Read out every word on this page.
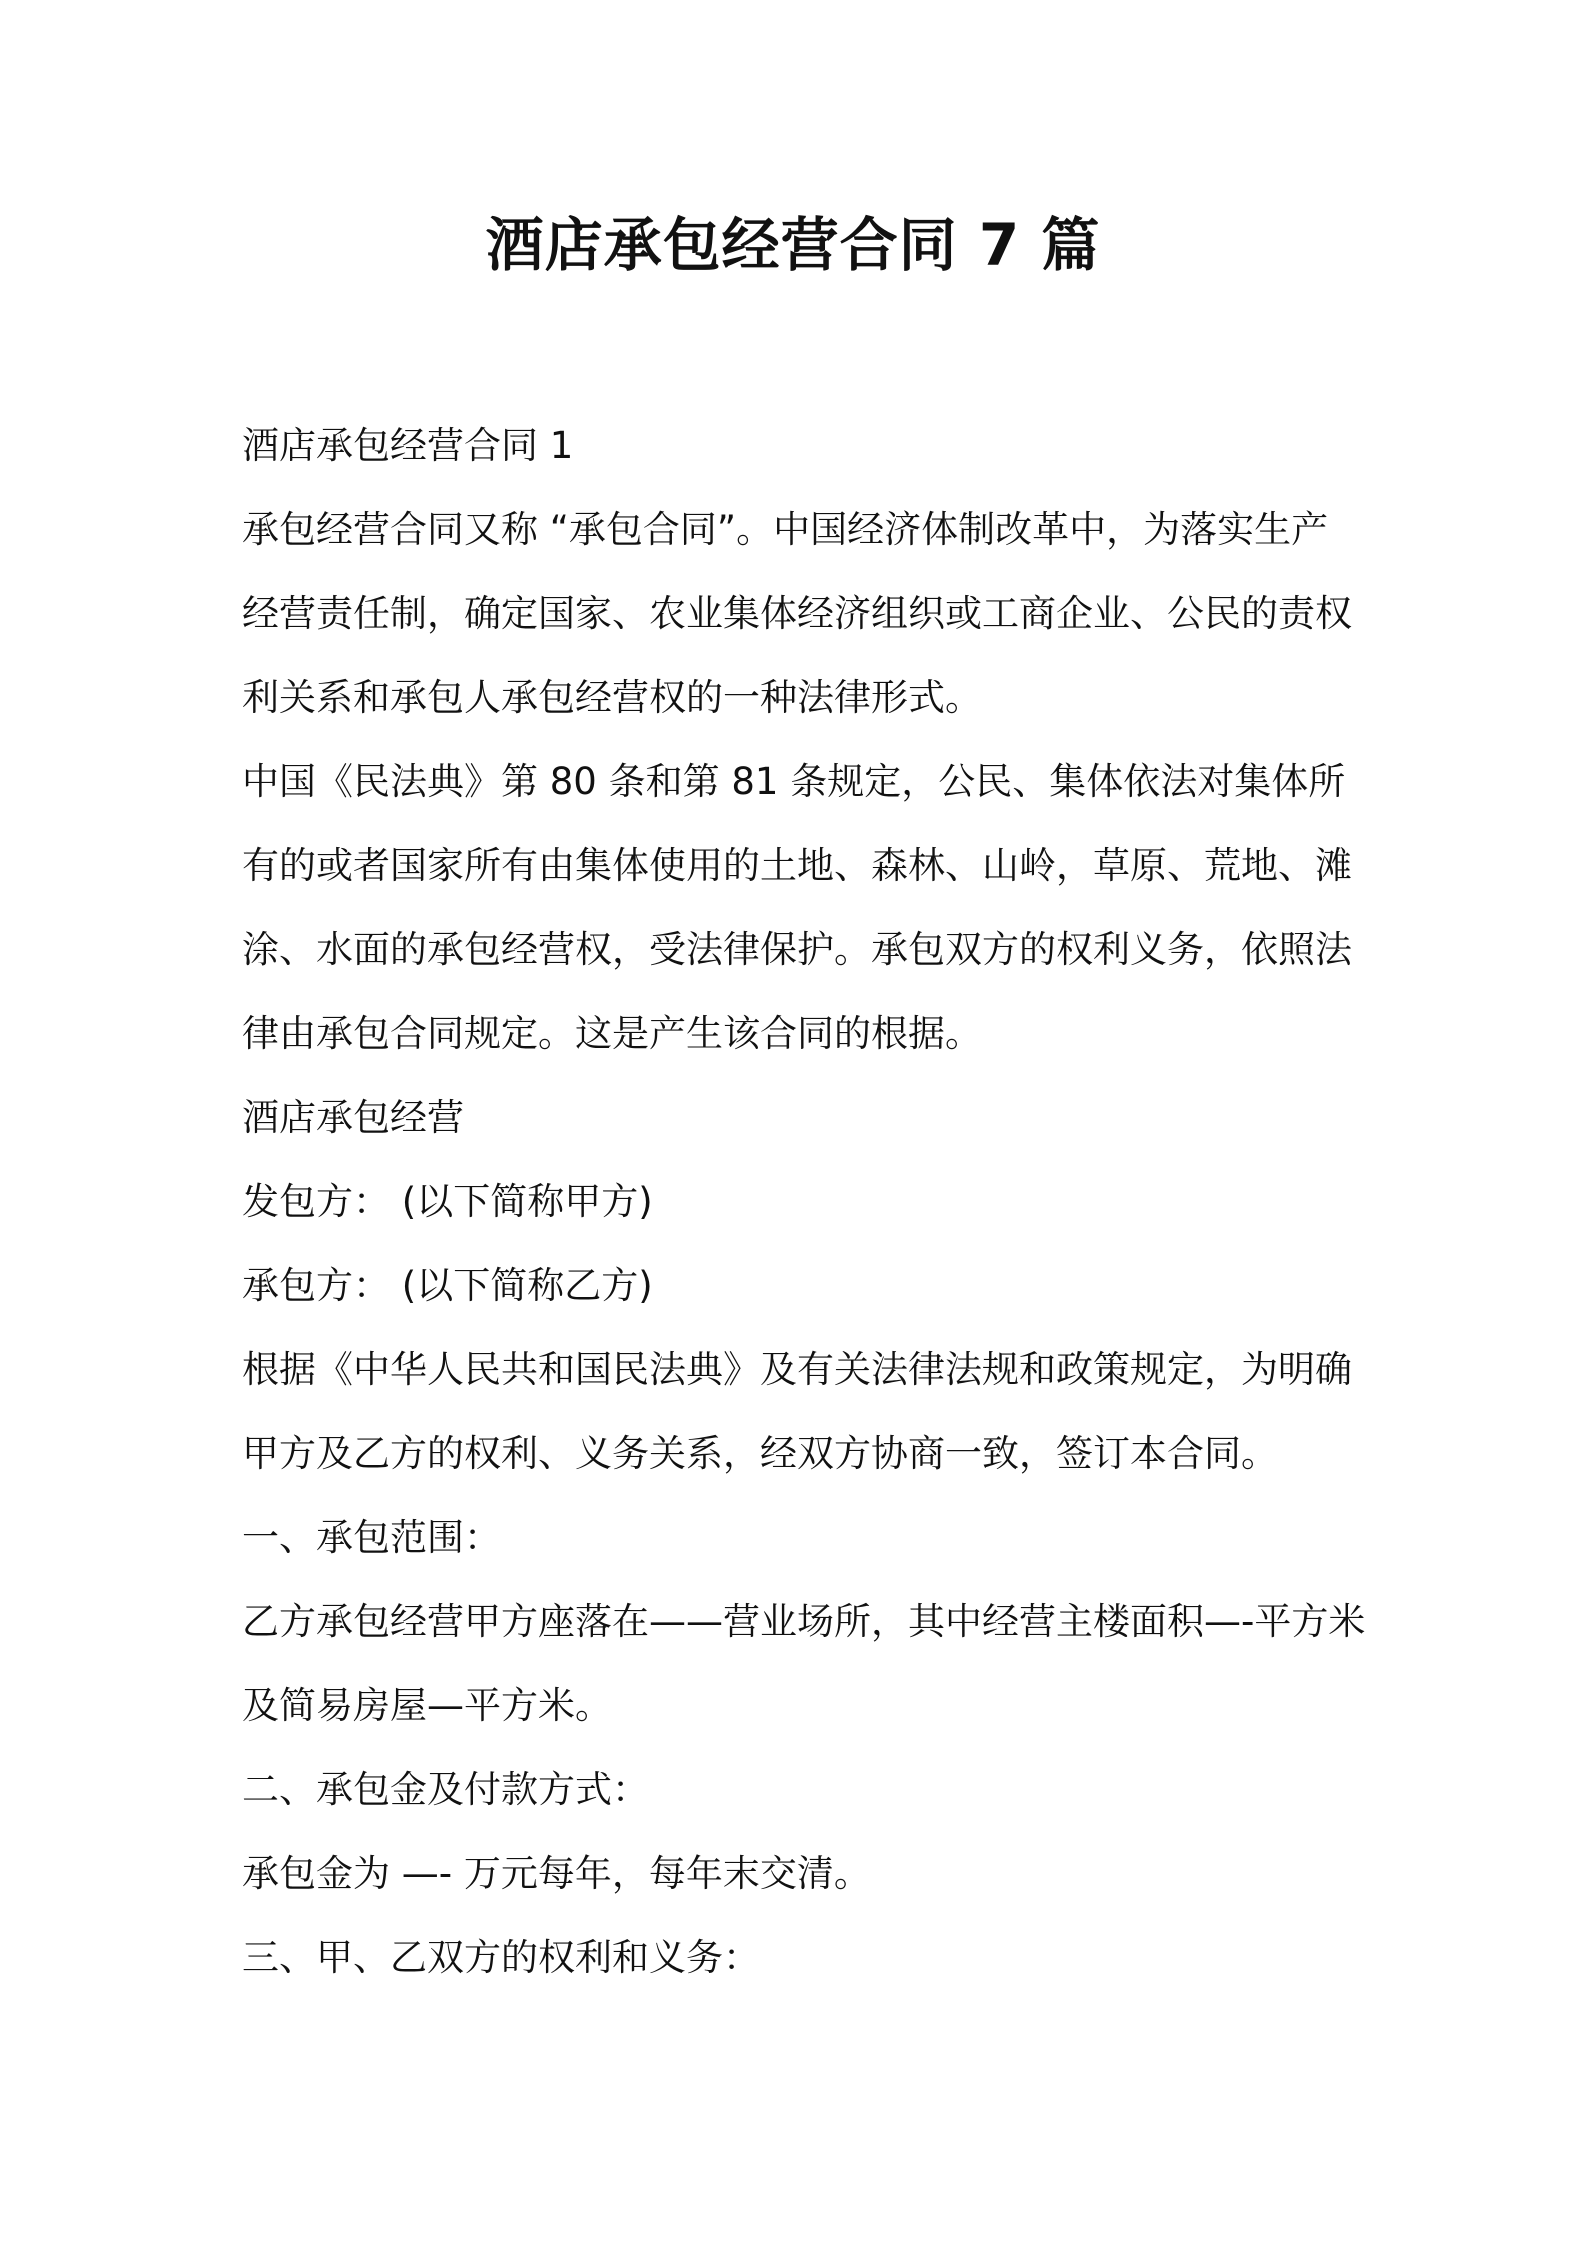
酒店承包经营合同 7 篇

酒店承包经营合同 1

承包经营合同又称 “承包合同”。中国经济体制改革中，为落实生产

经营责任制，确定国家、农业集体经济组织或工商企业、公民的责权

利关系和承包人承包经营权的一种法律形式。

中国《民法典》第 80 条和第 81 条规定，公民、集体依法对集体所

有的或者国家所有由集体使用的土地、森林、山岭，草原、荒地、滩

涂、水面的承包经营权，受法律保护。承包双方的权利义务，依照法

律由承包合同规定。这是产生该合同的根据。

酒店承包经营

发包方： (以下简称甲方)

承包方： (以下简称乙方)

根据《中华人民共和国民法典》及有关法律法规和政策规定，为明确

甲方及乙方的权利、义务关系，经双方协商一致，签订本合同。

一、承包范围：

乙方承包经营甲方座落在——营业场所，其中经营主楼面积—-平方米

及简易房屋—平方米。

二、承包金及付款方式：

承包金为 —- 万元每年，每年末交清。

三、甲、乙双方的权利和义务：
